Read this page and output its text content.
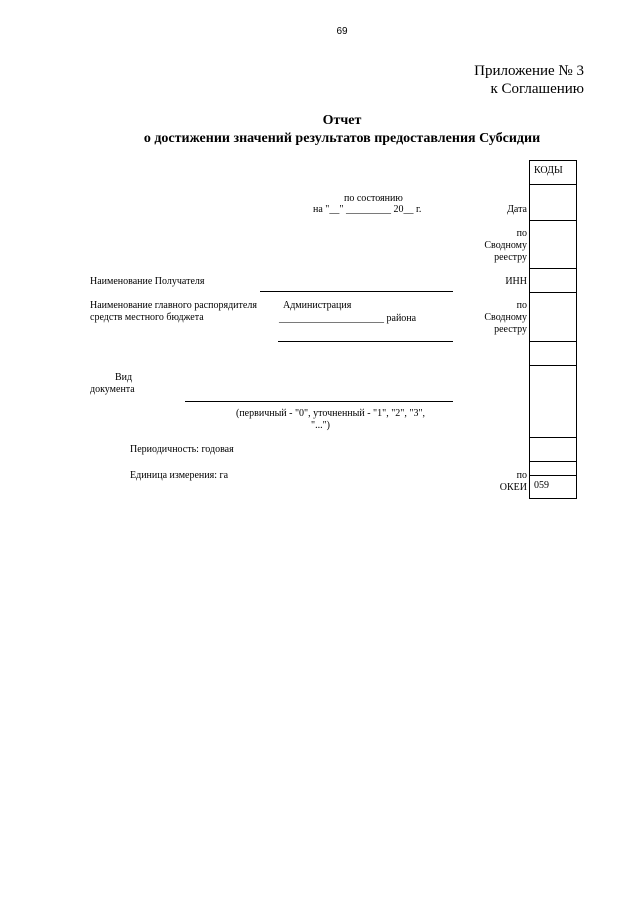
69
Приложение № 3
к Соглашению
Отчет
о достижении значений результатов предоставления Субсидии
по состоянию
на "__" _________ 20__ г.	Дата
по
Сводному
реестру
ИНН
по
Сводному
реестру
по
ОКЕИ
Наименование Получателя
Наименование главного распорядителя
средств местного бюджета
Администрация
_____________________ района
Вид
документа
(первичный - "0", уточненный - "1", "2", "3",
"...")
Периодичность: годовая
Единица измерения: га
КОДЫ
059
